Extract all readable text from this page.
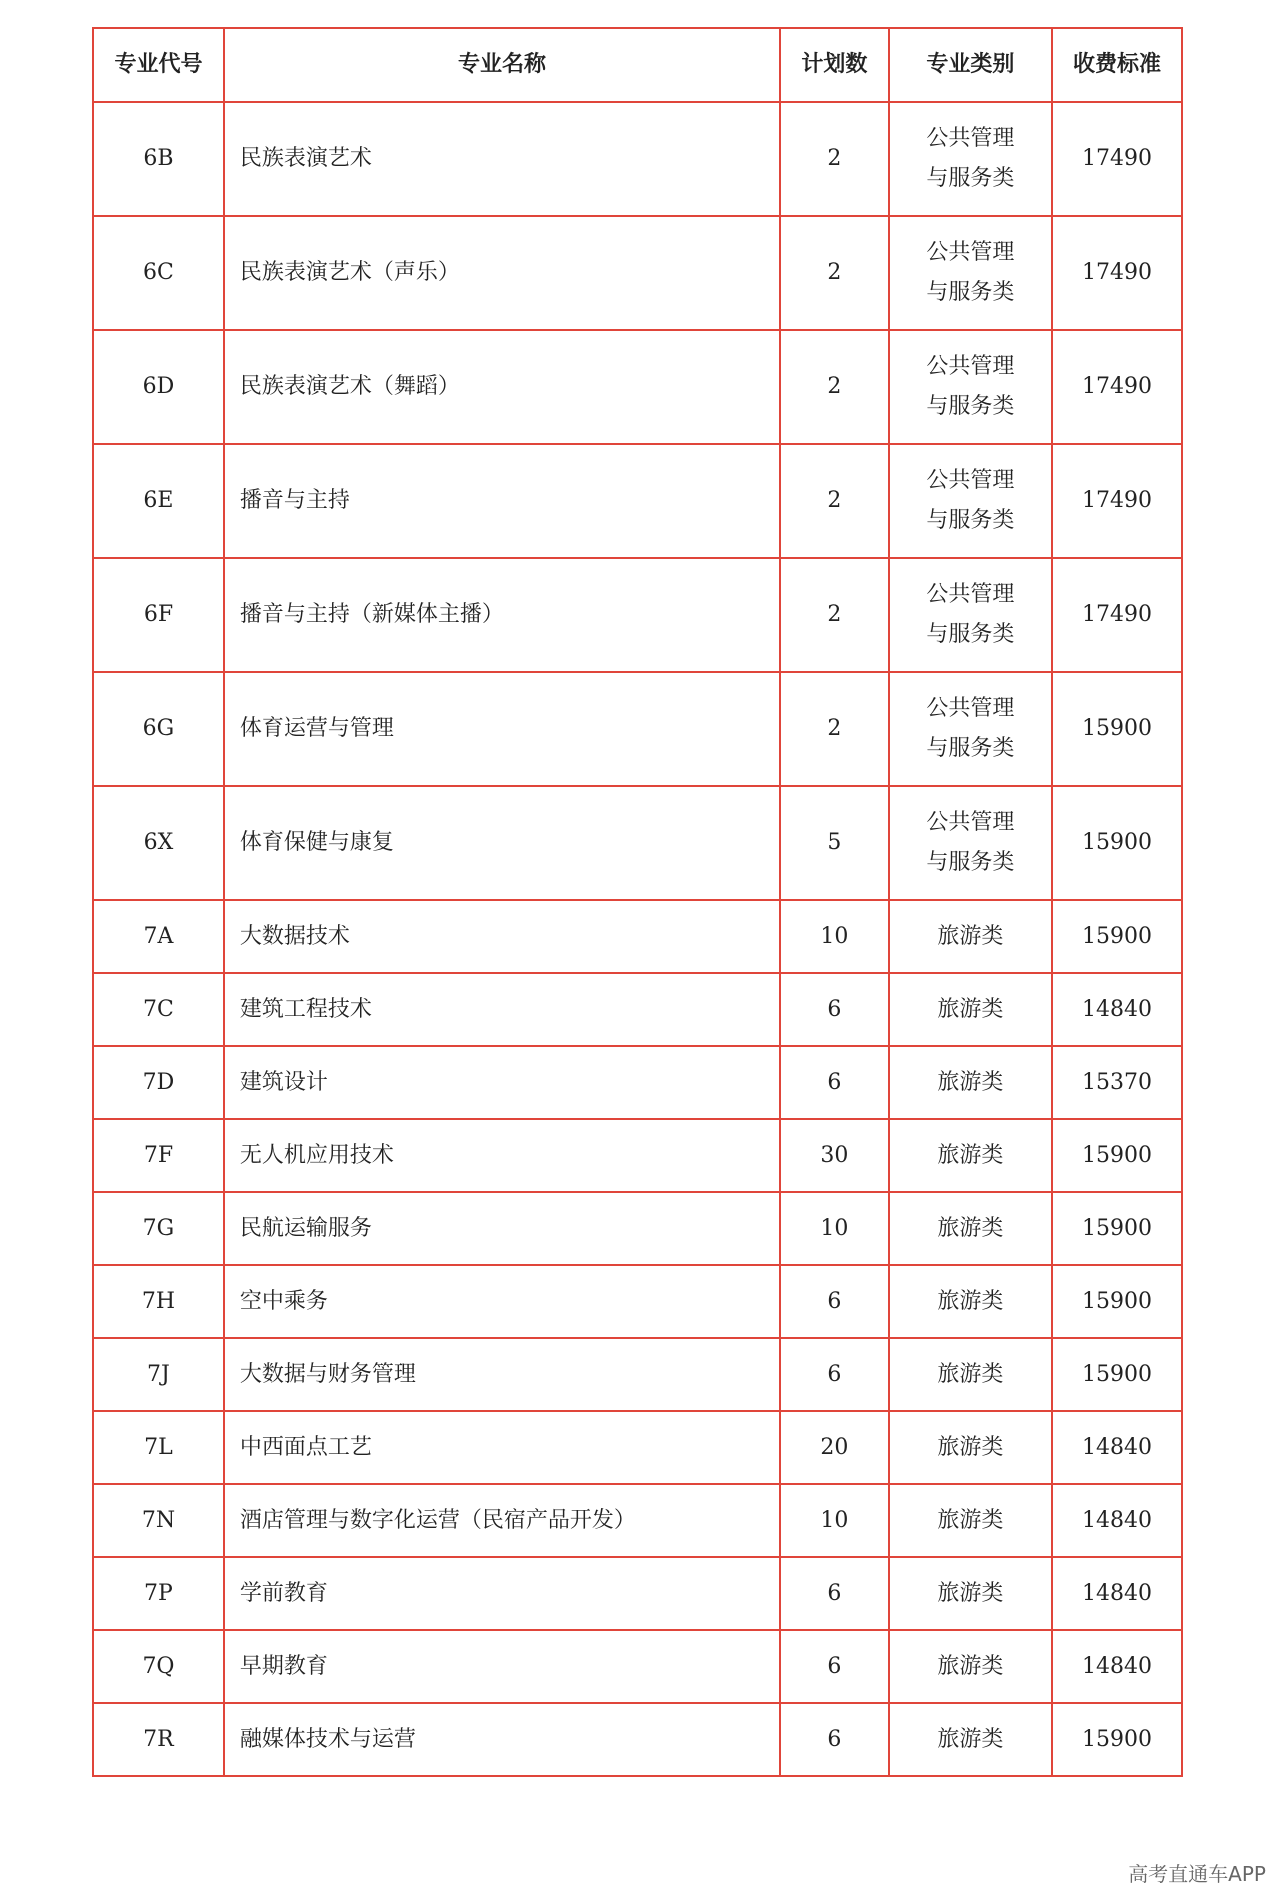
专业代号	专业名称	计划数	专业类别	收费标准
6B	民族表演艺术	2	公共管理与服务类	17490
6C	民族表演艺术（声乐）	2	公共管理与服务类	17490
6D	民族表演艺术（舞蹈）	2	公共管理与服务类	17490
6E	播音与主持	2	公共管理与服务类	17490
6F	播音与主持（新媒体主播）	2	公共管理与服务类	17490
6G	体育运营与管理	2	公共管理与服务类	15900
6X	体育保健与康复	5	公共管理与服务类	15900
7A	大数据技术	10	旅游类	15900
7C	建筑工程技术	6	旅游类	14840
7D	建筑设计	6	旅游类	15370
7F	无人机应用技术	30	旅游类	15900
7G	民航运输服务	10	旅游类	15900
7H	空中乘务	6	旅游类	15900
7J	大数据与财务管理	6	旅游类	15900
7L	中西面点工艺	20	旅游类	14840
7N	酒店管理与数字化运营（民宿产品开发）	10	旅游类	14840
7P	学前教育	6	旅游类	14840
7Q	早期教育	6	旅游类	14840
7R	融媒体技术与运营	6	旅游类	15900
高考直通车APP
